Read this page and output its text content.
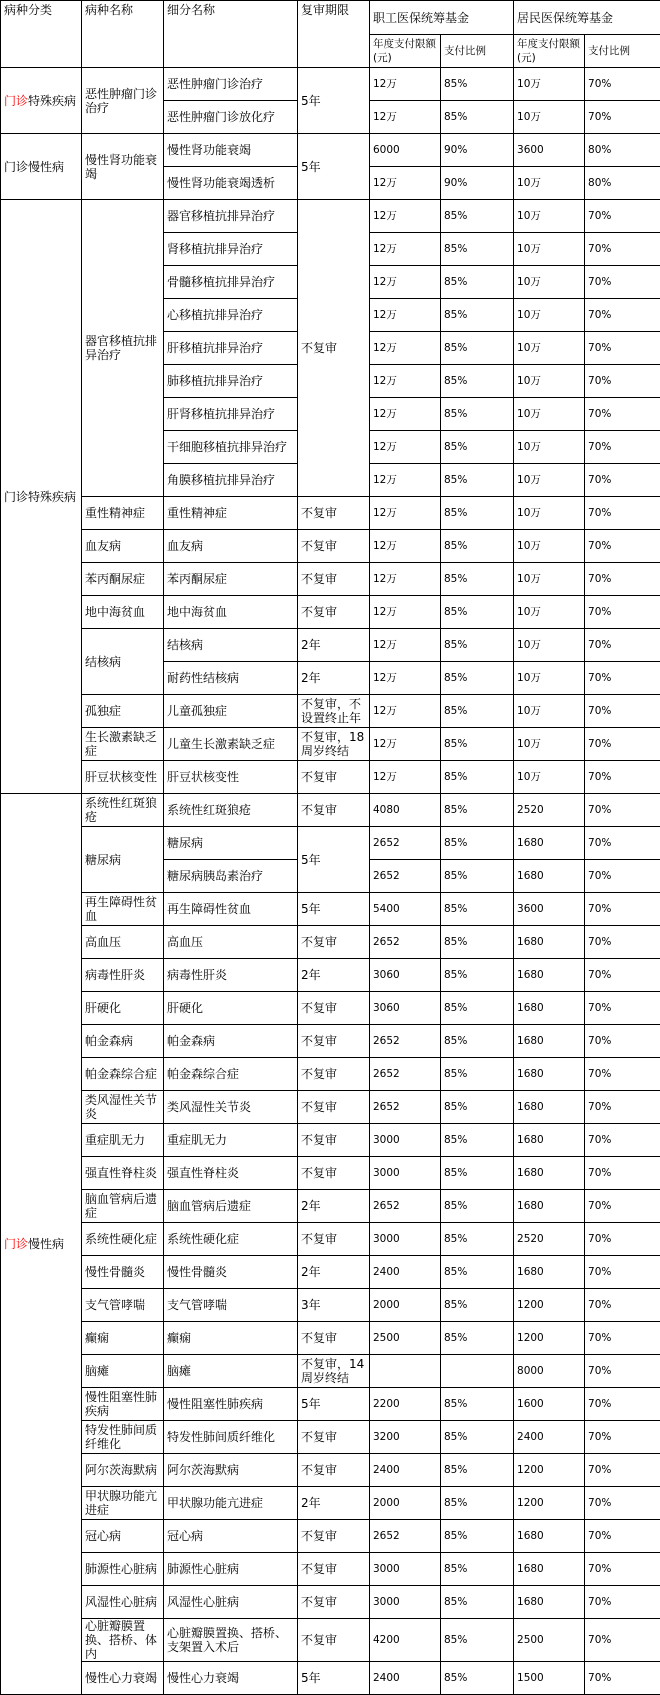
病种分类	病种名称	细分名称	复审期限	职工医保统筹基金		居民医保统筹基金	
				年度支付限额(元)	支付比例	年度支付限额(元)	支付比例
门诊特殊疾病	恶性肿瘤门诊治疗	恶性肿瘤门诊治疗	5年	12万	85%	10万	70%
		恶性肿瘤门诊放化疗		12万	85%	10万	70%
门诊慢性病	慢性肾功能衰竭	慢性肾功能衰竭	5年	6000	90%	3600	80%
		慢性肾功能衰竭透析		12万	90%	10万	80%
门诊特殊疾病	器官移植抗排异治疗	器官移植抗排异治疗	不复审	12万	85%	10万	70%
		肾移植抗排异治疗		12万	85%	10万	70%
		骨髓移植抗排异治疗		12万	85%	10万	70%
		心移植抗排异治疗		12万	85%	10万	70%
		肝移植抗排异治疗		12万	85%	10万	70%
		肺移植抗排异治疗		12万	85%	10万	70%
		肝肾移植抗排异治疗		12万	85%	10万	70%
		干细胞移植抗排异治疗		12万	85%	10万	70%
		角膜移植抗排异治疗		12万	85%	10万	70%
	重性精神症	重性精神症	不复审	12万	85%	10万	70%
	血友病	血友病	不复审	12万	85%	10万	70%
	苯丙酮尿症	苯丙酮尿症	不复审	12万	85%	10万	70%
	地中海贫血	地中海贫血	不复审	12万	85%	10万	70%
	结核病	结核病	2年	12万	85%	10万	70%
		耐药性结核病	2年	12万	85%	10万	70%
	孤独症	儿童孤独症	不复审，不设置终止年	12万	85%	10万	70%
	生长激素缺乏症	儿童生长激素缺乏症	不复审，18周岁终结	12万	85%	10万	70%
	肝豆状核变性	肝豆状核变性	不复审	12万	85%	10万	70%
门诊慢性病	系统性红斑狼疮	系统性红斑狼疮	不复审	4080	85%	2520	70%
	糖尿病	糖尿病	5年	2652	85%	1680	70%
		糖尿病胰岛素治疗		2652	85%	1680	70%
	再生障碍性贫血	再生障碍性贫血	5年	5400	85%	3600	70%
	高血压	高血压	不复审	2652	85%	1680	70%
	病毒性肝炎	病毒性肝炎	2年	3060	85%	1680	70%
	肝硬化	肝硬化	不复审	3060	85%	1680	70%
	帕金森病	帕金森病	不复审	2652	85%	1680	70%
	帕金森综合症	帕金森综合症	不复审	2652	85%	1680	70%
	类风湿性关节炎	类风湿性关节炎	不复审	2652	85%	1680	70%
	重症肌无力	重症肌无力	不复审	3000	85%	1680	70%
	强直性脊柱炎	强直性脊柱炎	不复审	3000	85%	1680	70%
	脑血管病后遗症	脑血管病后遗症	2年	2652	85%	1680	70%
	系统性硬化症	系统性硬化症	不复审	3000	85%	2520	70%
	慢性骨髓炎	慢性骨髓炎	2年	2400	85%	1680	70%
	支气管哮喘	支气管哮喘	3年	2000	85%	1200	70%
	癫痫	癫痫	不复审	2500	85%	1200	70%
	脑瘫	脑瘫	不复审，14周岁终结			8000	70%
	慢性阻塞性肺疾病	慢性阻塞性肺疾病	5年	2200	85%	1600	70%
	特发性肺间质纤维化	特发性肺间质纤维化	不复审	3200	85%	2400	70%
	阿尔茨海默病	阿尔茨海默病	不复审	2400	85%	1200	70%
	甲状腺功能亢进症	甲状腺功能亢进症	2年	2000	85%	1200	70%
	冠心病	冠心病	不复审	2652	85%	1680	70%
	肺源性心脏病	肺源性心脏病	不复审	3000	85%	1680	70%
	风湿性心脏病	风湿性心脏病	不复审	3000	85%	1680	70%
	心脏瓣膜置换、搭桥、体内	心脏瓣膜置换、搭桥、支架置入术后	不复审	4200	85%	2500	70%
	慢性心力衰竭	慢性心力衰竭	5年	2400	85%	1500	70%
